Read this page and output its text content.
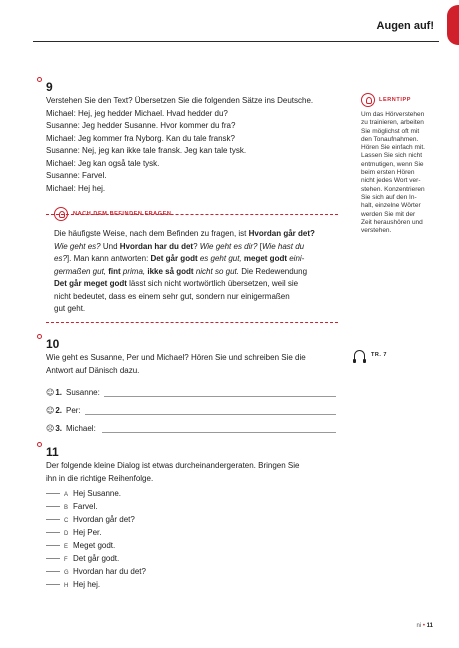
Augen auf!
9

Verstehen Sie den Text? Übersetzen Sie die folgenden Sätze ins Deutsche.

Michael: Hej, jeg hedder Michael. Hvad hedder du?

Susanne: Jeg hedder Susanne. Hvor kommer du fra?

Michael: Jeg kommer fra Nyborg. Kan du tale fransk?

Susanne: Nej, jeg kan ikke tale fransk. Jeg kan tale tysk.

Michael: Jeg kan også tale tysk.

Susanne: Farvel.

Michael: Hej hej.

LERNTIPP
Um das Hörverstehen
zu trainieren, arbeiten
Sie möglichst oft mit
den Tonaufnahmen.
Hören Sie einfach mit.
Lassen Sie sich nicht
entmutigen, wenn Sie
beim ersten Hören
nicht jedes Wort ver-
stehen. Konzentrieren
Sie sich auf den In-
halt, einzelne Wörter
werden Sie mit der
Zeit heraushören und
verstehen.
NACH DEM BEFINDEN FRAGEN
Die häufigste Weise, nach dem Befinden zu fragen, ist Hvordan går det?
Wie geht es? Und Hvordan har du det? Wie geht es dir? [Wie hast du
es?]. Man kann antworten: Det går godt es geht gut, meget godt eini-
germaßen gut, fint prima, ikke så godt nicht so gut. Die Redewendung
Det går meget godt lässt sich nicht wortwörtlich übersetzen, weil sie
nicht bedeutet, dass es einem sehr gut, sondern nur einigermaßen
gut geht.
10

Wie geht es Susanne, Per und Michael? Hören Sie und schreiben Sie die

Antwort auf Dänisch dazu.

TR. 7
☺ 1. Susanne:
☺ 2. Per:
☹ 3. Michael:
11

Der folgende kleine Dialog ist etwas durcheinandergeraten. Bringen Sie

ihn in die richtige Reihenfolge.

A Hej Susanne.
B Farvel.
C Hvordan går det?
D Hej Per.
E Meget godt.
F Det går godt.
G Hvordan har du det?
H Hej hej.
ni • 11
